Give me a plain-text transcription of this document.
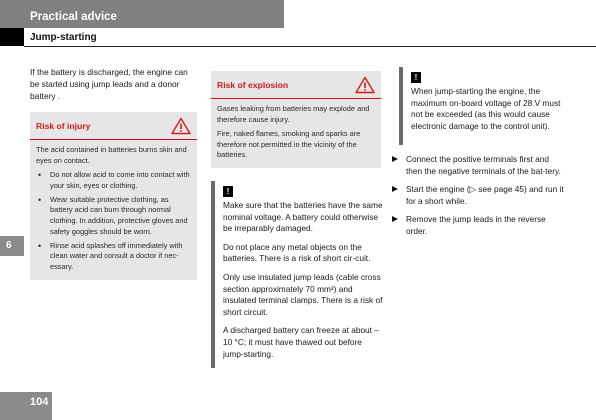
Practical advice
Jump-starting
6
104

If the battery is discharged, the engine can be started using jump leads and a donor battery .

Risk of injury

The acid contained in batteries burns skin and eyes on contact.

• Do not allow acid to come into contact with your skin, eyes or clothing.
• Wear suitable protective clothing, as battery acid can burn through normal clothing. In addition, protective gloves and safety goggles should be worn.
• Rinse acid splashes off immediately with clean water and consult a doctor if nec-essary.
Risk of explosion

Gases leaking from batteries may explode and therefore cause injury.

Fire, naked flames, smoking and sparks are therefore not permitted in the vicinity of the batteries.

!

Make sure that the batteries have the same nominal voltage. A battery could otherwise be irreparably damaged.

Do not place any metal objects on the batteries. There is a risk of short cir-cuit.

Only use insulated jump leads (cable cross section approximately 70 mm²) and insulated terminal clamps. There is a risk of short circuit.

A discharged battery can freeze at about –10 °C; it must have thawed out before jump-starting.

!

When jump-starting the engine, the maximum on-board voltage of 28 V must not be exceeded (as this would cause electronic damage to the control unit).

Connect the positive terminals first and then the negative terminals of the bat-tery.
Start the engine (▷ see page 45) and run it for a short while.
Remove the jump leads in the reverse order.
